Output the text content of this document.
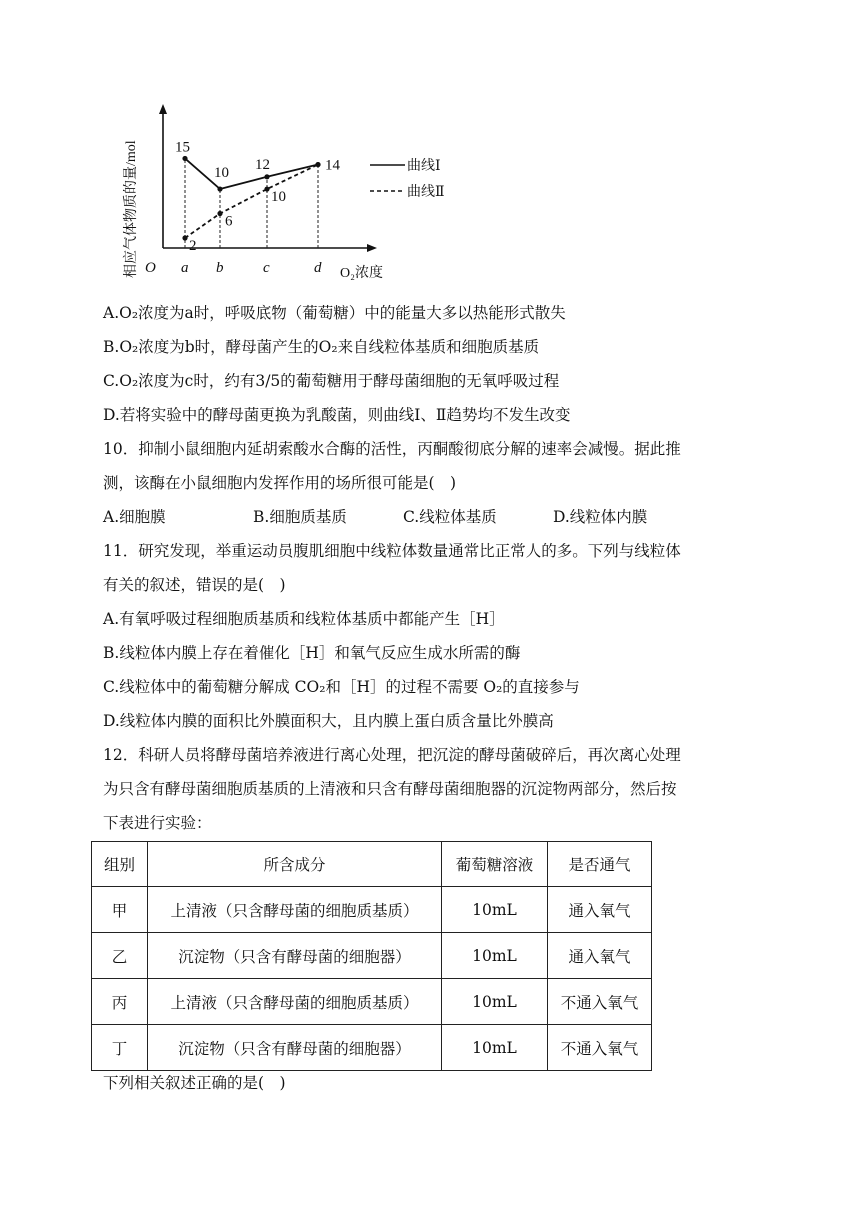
相应气体物质的量/mol O	O₂浓度
a b	c	d
曲线Ⅰ
曲线Ⅱ
15
10
12	14
2
6
10
A.O₂浓度为a时，呼吸底物（葡萄糖）中的能量大多以热能形式散失
B.O₂浓度为b时，酵母菌产生的O₂来自线粒体基质和细胞质基质
C.O₂浓度为c时，约有3/5的葡萄糖用于酵母菌细胞的无氧呼吸过程
D.若将实验中的酵母菌更换为乳酸菌，则曲线Ⅰ、Ⅱ趋势均不发生改变
10．抑制小鼠细胞内延胡索酸水合酶的活性，丙酮酸彻底分解的速率会减慢。据此推
测，该酶在小鼠细胞内发挥作用的场所很可能是(　)
A.细胞膜	B.细胞质基质	C.线粒体基质	D.线粒体内膜
11．研究发现，举重运动员腹肌细胞中线粒体数量通常比正常人的多。下列与线粒体
有关的叙述，错误的是(　)
A.有氧呼吸过程细胞质基质和线粒体基质中都能产生［H］
B.线粒体内膜上存在着催化［H］和氧气反应生成水所需的酶
C.线粒体中的葡萄糖分解成 CO₂和［H］的过程不需要 O₂的直接参与
D.线粒体内膜的面积比外膜面积大，且内膜上蛋白质含量比外膜高
12．科研人员将酵母菌培养液进行离心处理，把沉淀的酵母菌破碎后，再次离心处理
为只含有酵母菌细胞质基质的上清液和只含有酵母菌细胞器的沉淀物两部分，然后按
下表进行实验：
组别	所含成分	葡萄糖溶液	是否通气
甲	上清液（只含酵母菌的细胞质基质）	10mL	通入氧气
乙	沉淀物（只含有酵母菌的细胞器）	10mL	通入氧气
丙	上清液（只含酵母菌的细胞质基质）	10mL	不通入氧气
丁	沉淀物（只含有酵母菌的细胞器）	10mL	不通入氧气
下列相关叙述正确的是(　)
